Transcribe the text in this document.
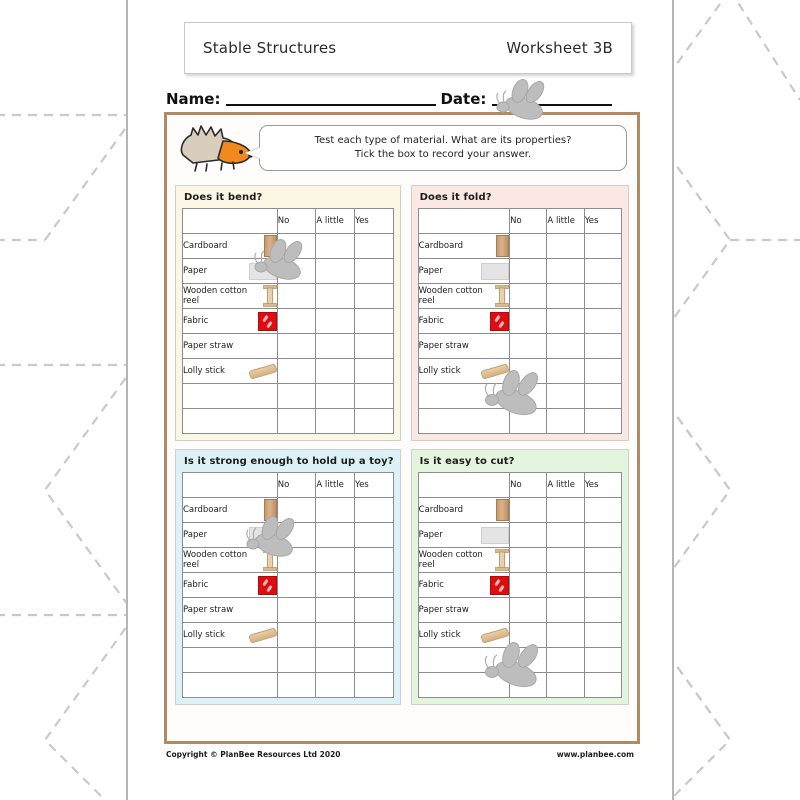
Stable Structures	Worksheet 3B
Name:	Date:
Test each type of material. What are its properties?
Tick the box to record your answer.
Does it bend?
	No	A little	Yes

Cardboard			

Paper			

Wooden cotton reel			

Fabric			

Paper straw			

Lolly stick			

Does it fold?
	No	A little	Yes

Cardboard			

Paper			

Wooden cotton reel			

Fabric			

Paper straw			

Lolly stick			

Is it strong enough to hold up a toy?
	No	A little	Yes

Cardboard			

Paper			

Wooden cotton reel			

Fabric			

Paper straw			

Lolly stick			

Is it easy to cut?
	No	A little	Yes

Cardboard			

Paper			

Wooden cotton reel			

Fabric			

Paper straw			

Lolly stick			

Copyright © PlanBee Resources Ltd 2020	www.planbee.com
